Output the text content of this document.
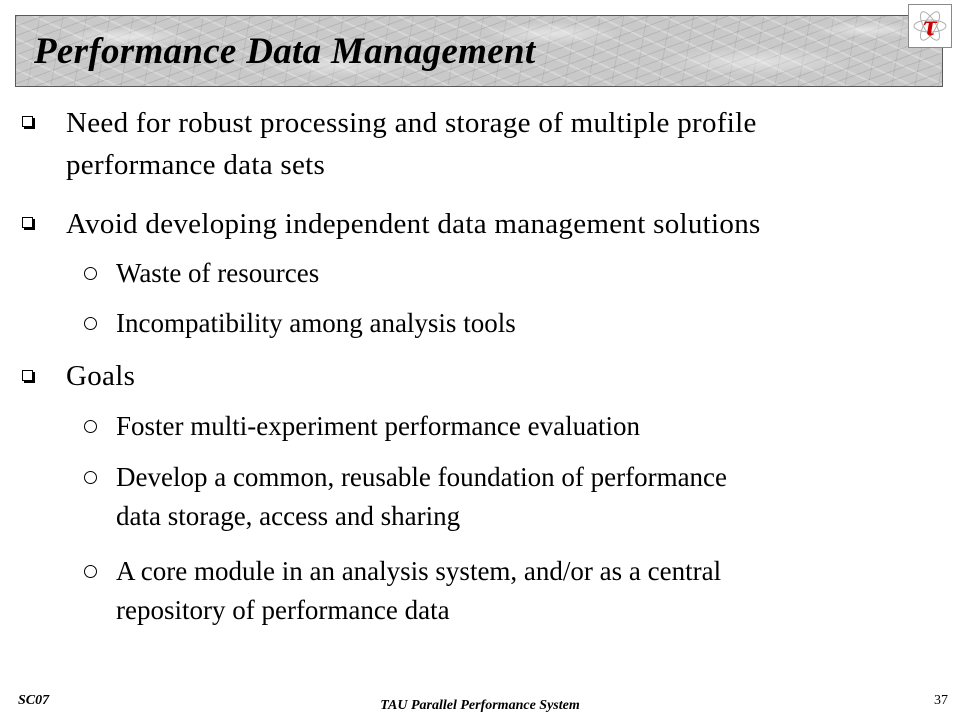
Performance Data Management
τ
Need for robust processing and storage of multiple profile
performance data sets
Avoid developing independent data management solutions
Waste of resources
Incompatibility among analysis tools
Goals
Foster multi-experiment performance evaluation
Develop a common, reusable foundation of performance
data storage, access and sharing
A core module in an analysis system, and/or as a central
repository of performance data
SC07	TAU Parallel Performance System	37
